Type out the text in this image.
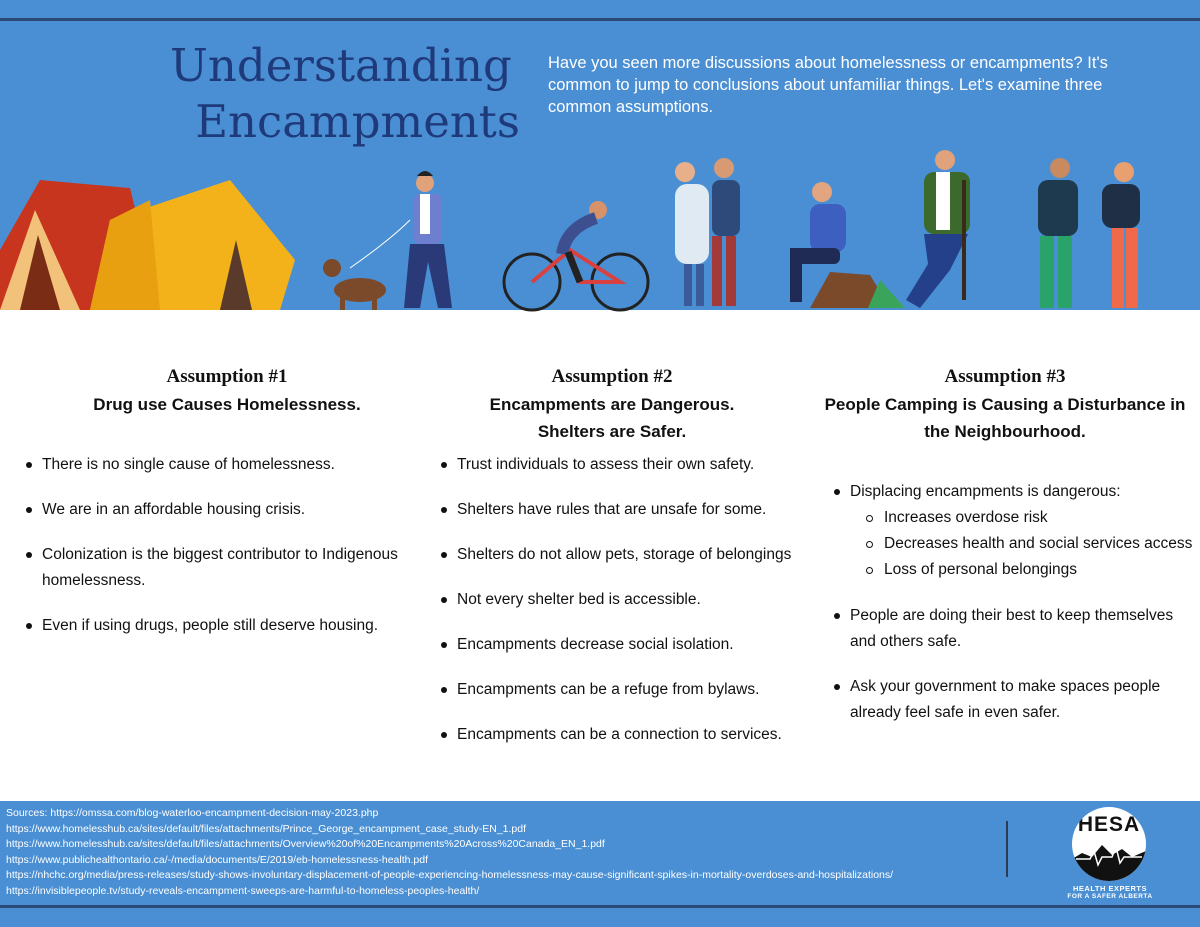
Understanding
Encampments
Have you seen more discussions about homelessness or encampments? It's common to jump to conclusions about unfamiliar things. Let's examine three common assumptions.
Assumption #1
Drug use Causes Homelessness.
There is no single cause of homelessness.
We are in an affordable housing crisis.
Colonization is the biggest contributor to Indigenous homelessness.
Even if using drugs, people still deserve housing.
Assumption #2
Encampments are Dangerous.
Shelters are Safer.
Trust individuals to assess their own safety.
Shelters have rules that are unsafe for some.
Shelters do not allow pets, storage of belongings
Not every shelter bed is accessible.
Encampments decrease social isolation.
Encampments can be a refuge from bylaws.
Encampments can be a connection to services.
Assumption #3
People Camping is Causing a Disturbance in
the Neighbourhood.
Displacing encampments is dangerous:
Increases overdose risk
Decreases health and social services access
Loss of personal belongings
People are doing their best to keep themselves and others safe.
Ask your government to make spaces people already feel safe in even safer.
Sources: https://omssa.com/blog-waterloo-encampment-decision-may-2023.php
https://www.homelesshub.ca/sites/default/files/attachments/Prince_George_encampment_case_study-EN_1.pdf
https://www.homelesshub.ca/sites/default/files/attachments/Overview%20of%20Encampments%20Across%20Canada_EN_1.pdf
https://www.publichealthontario.ca/-/media/documents/E/2019/eb-homelessness-health.pdf
https://nhchc.org/media/press-releases/study-shows-involuntary-displacement-of-people-experiencing-homelessness-may-cause-significant-spikes-in-mortality-overdoses-and-hospitalizations/
https://invisiblepeople.tv/study-reveals-encampment-sweeps-are-harmful-to-homeless-peoples-health/
HESA
HEALTH EXPERTS
FOR A SAFER ALBERTA
